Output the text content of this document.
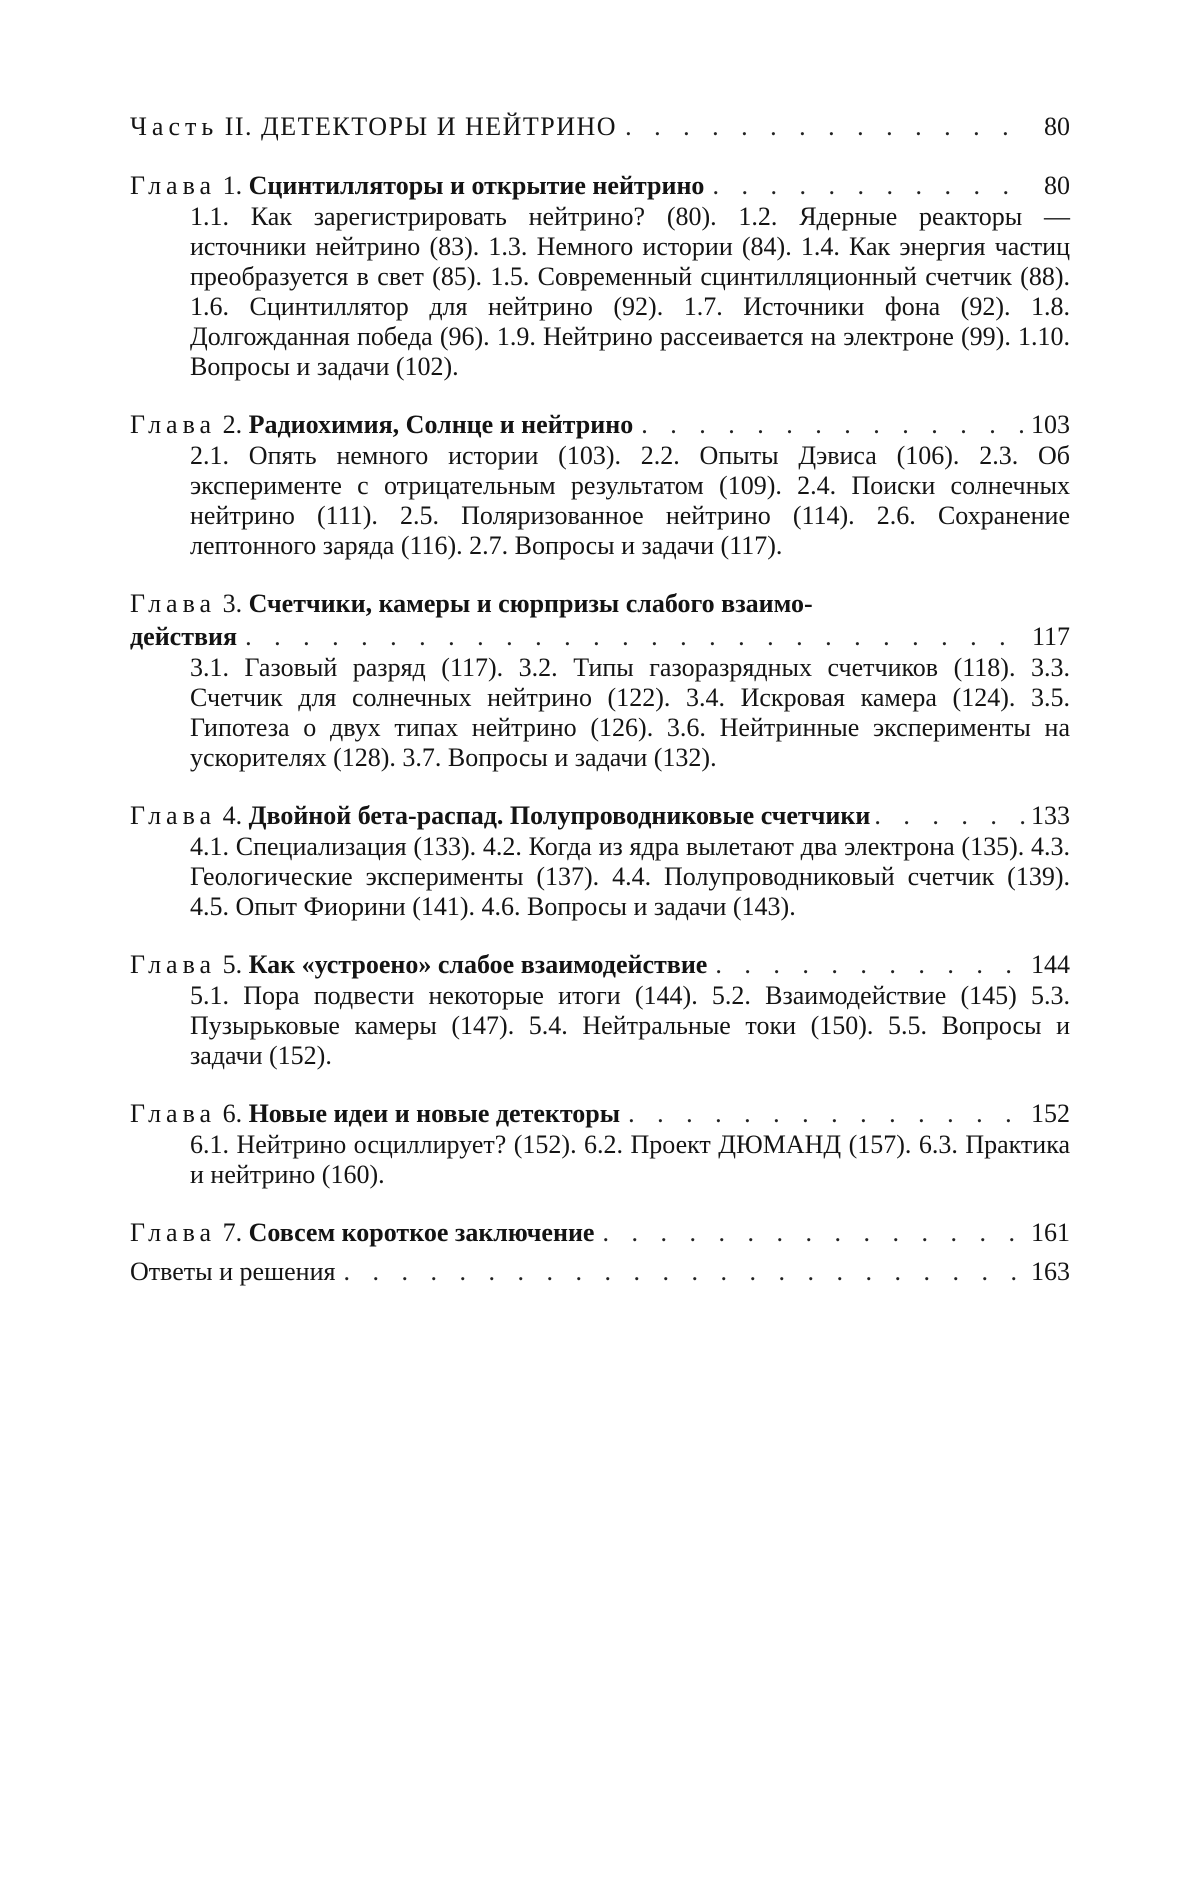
Часть II. ДЕТЕКТОРЫ И НЕЙТРИНО . . .	80
Глава 1. Сцинтилляторы и открытие нейтрино . . .	80
1.1. Как зарегистрировать нейтрино? (80). 1.2. Ядерные реакторы — источники нейтрино (83). 1.3. Немного истории (84). 1.4. Как энергия частиц преобразуется в свет (85). 1.5. Современный сцинтилляционный счетчик (88). 1.6. Сцинтиллятор для нейтрино (92). 1.7. Источники фона (92). 1.8. Долгожданная победа (96). 1.9. Нейтрино рассеивается на электроне (99). 1.10. Вопросы и задачи (102).
Глава 2. Радиохимия, Солнце и нейтрино . . .	103
2.1. Опять немного истории (103). 2.2. Опыты Дэвиса (106). 2.3. Об эксперименте с отрицательным результатом (109). 2.4. Поиски солнечных нейтрино (111). 2.5. Поляризованное нейтрино (114). 2.6. Сохранение лептонного заряда (116). 2.7. Вопросы и задачи (117).
Глава 3. Счетчики, камеры и сюрпризы слабого взаимо-
действия . . .	117
3.1. Газовый разряд (117). 3.2. Типы газоразрядных счетчиков (118). 3.3. Счетчик для солнечных нейтрино (122). 3.4. Искровая камера (124). 3.5. Гипотеза о двух типах нейтрино (126). 3.6. Нейтринные эксперименты на ускорителях (128). 3.7. Вопросы и задачи (132).
Глава 4. Двойной бета-распад. Полупроводниковые счетчики . . .	133
4.1. Специализация (133). 4.2. Когда из ядра вылетают два электрона (135). 4.3. Геологические эксперименты (137). 4.4. Полупроводниковый счетчик (139). 4.5. Опыт Фиорини (141). 4.6. Вопросы и задачи (143).
Глава 5. Как «устроено» слабое взаимодействие . . .	144
5.1. Пора подвести некоторые итоги (144). 5.2. Взаимодействие (145) 5.3. Пузырьковые камеры (147). 5.4. Нейтральные токи (150). 5.5. Вопросы и задачи (152).
Глава 6. Новые идеи и новые детекторы . . .	152
6.1. Нейтрино осциллирует? (152). 6.2. Проект ДЮМАНД (157). 6.3. Практика и нейтрино (160).
Глава 7. Совсем короткое заключение . . .	161
Ответы и решения . . .	163
